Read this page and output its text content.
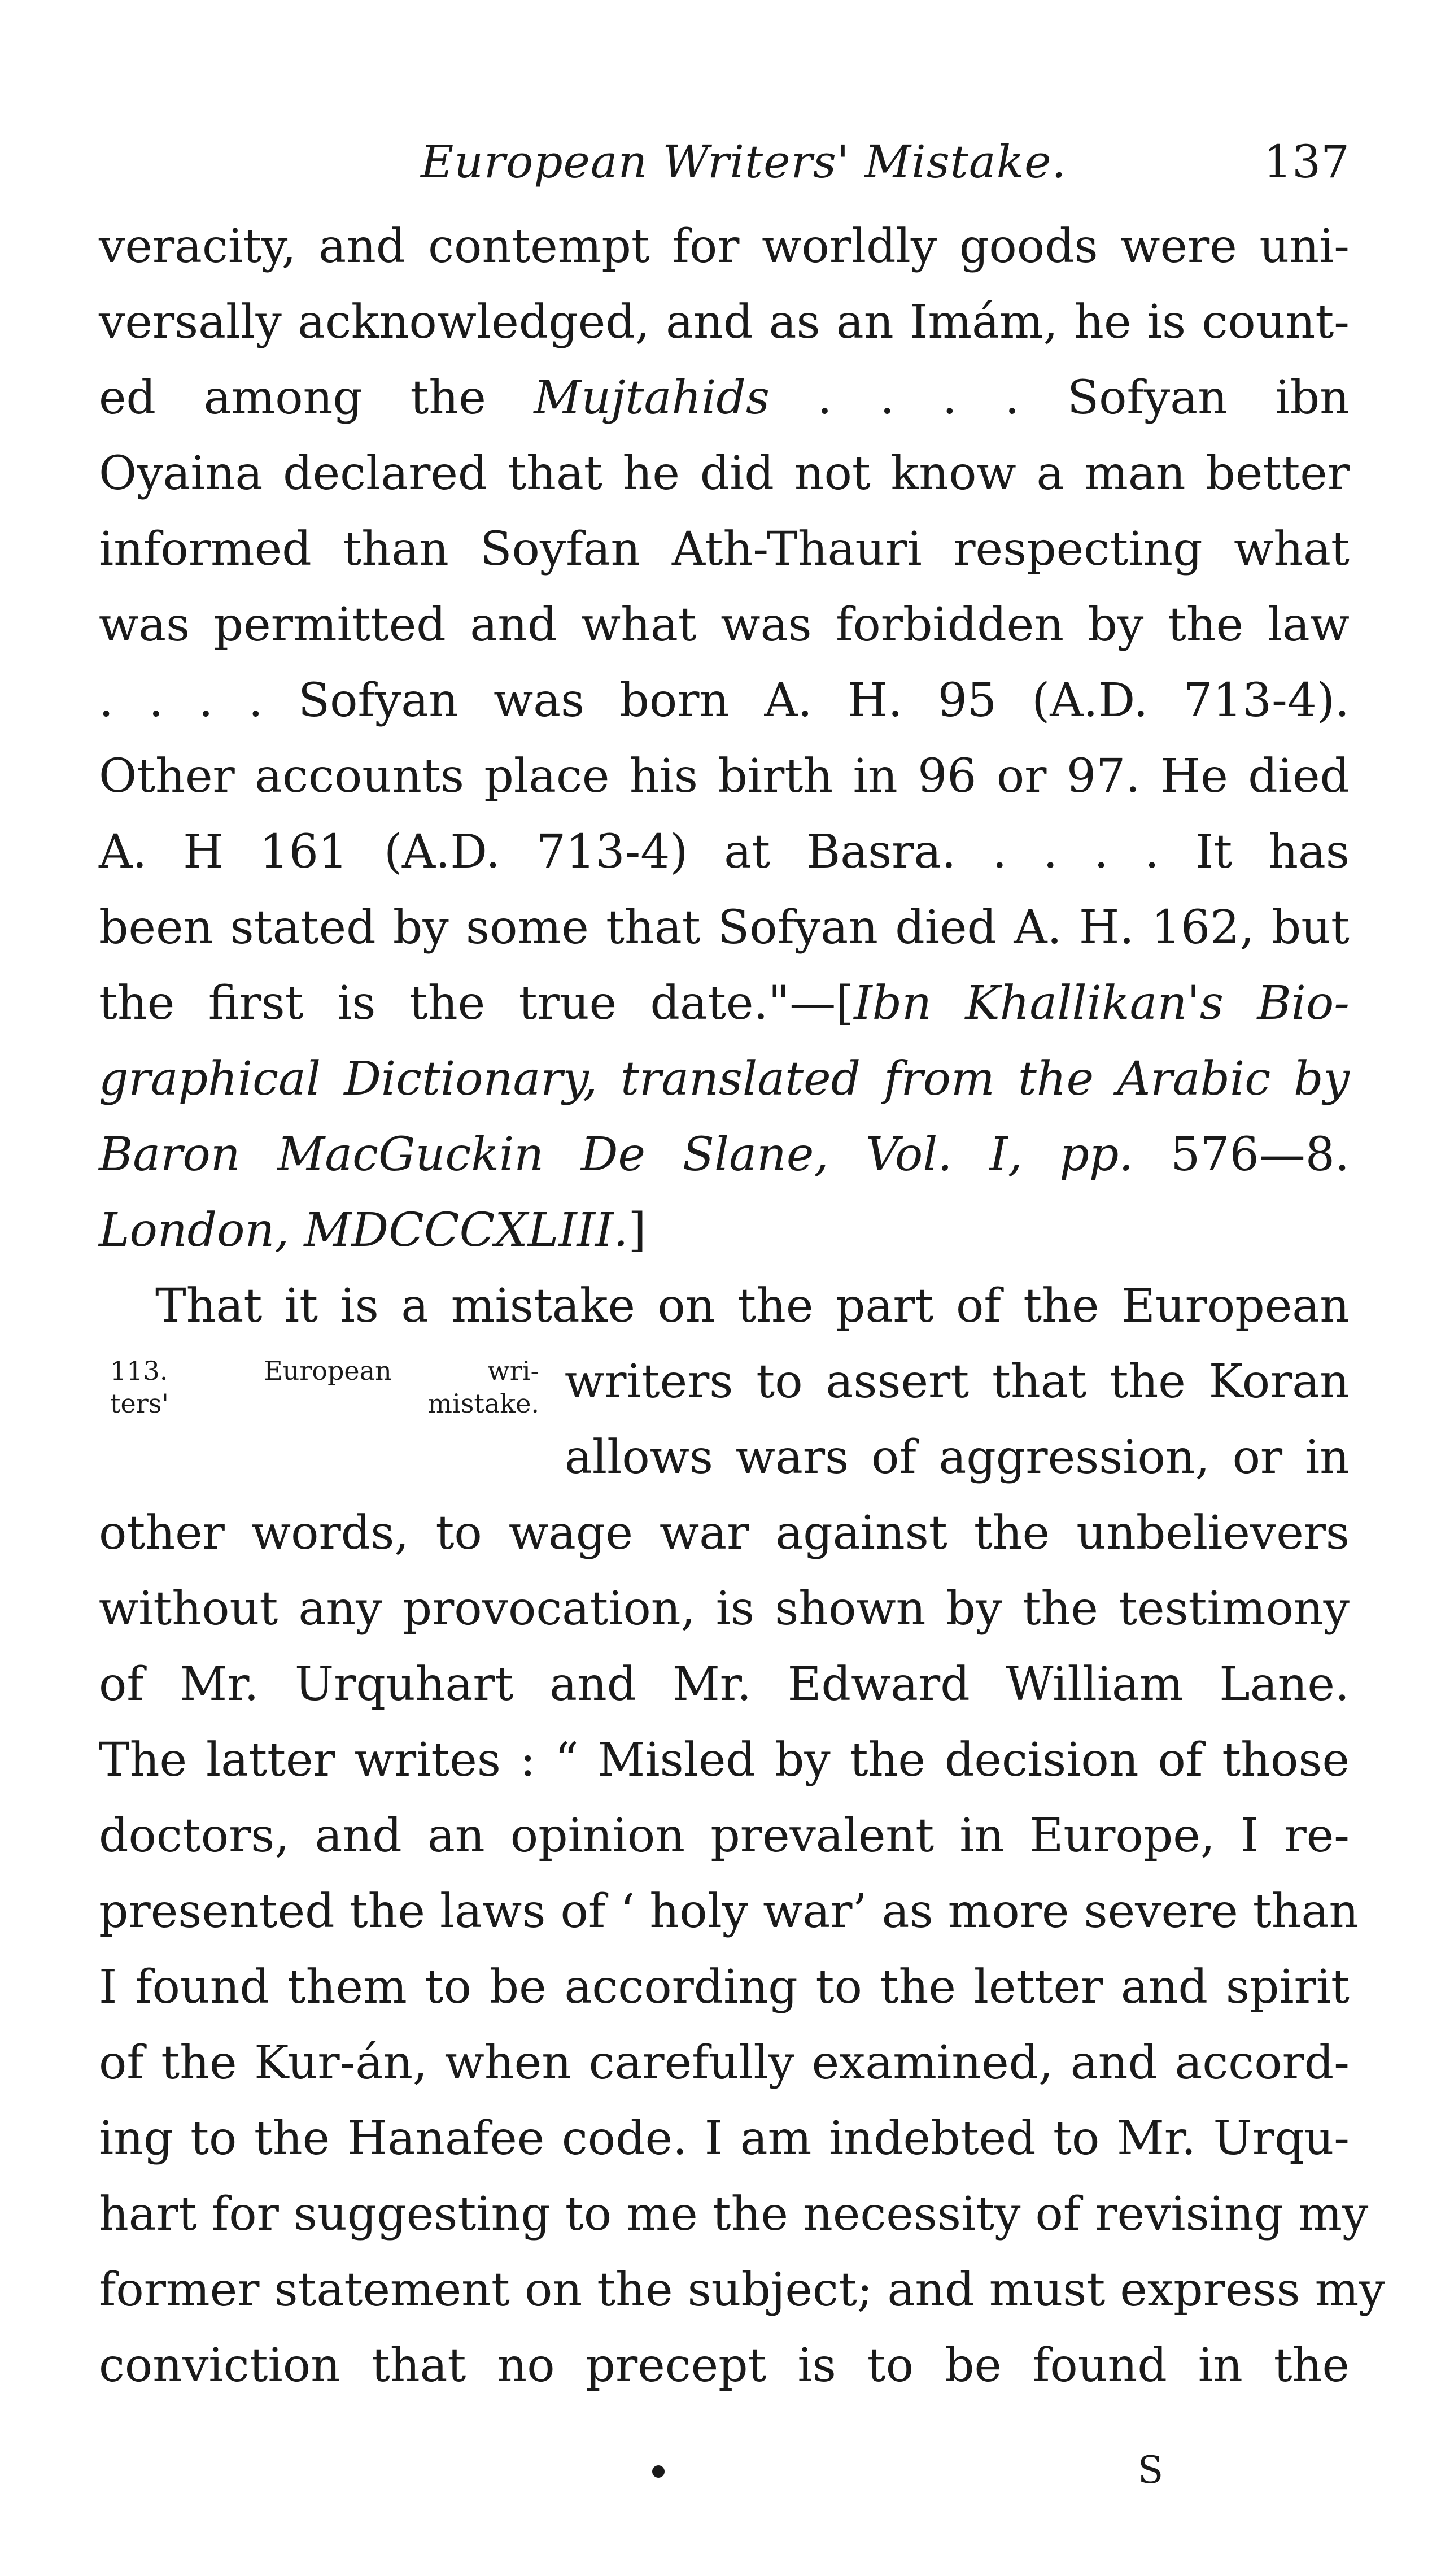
European Writers' Mistake.	137
veracity, and contempt for worldly goods were uni-
versally acknowledged, and as an Imám, he is count-
ed among the Mujtahids . . . . Sofyan ibn
Oyaina declared that he did not know a man better
informed than Soyfan Ath-Thauri respecting what
was permitted and what was forbidden by the law
. . . . Sofyan was born A. H. 95 (A.D. 713-4).
Other accounts place his birth in 96 or 97. He died
A. H 161 (A.D. 713-4) at Basra. . . . . It has
been stated by some that Sofyan died A. H. 162, but
the first is the true date."—[Ibn Khallikan's Bio-
graphical Dictionary, translated from the Arabic by
Baron MacGuckin De Slane, Vol. I, pp. 576—8.
London, MDCCCXLIII.]
That it is a mistake on the part of the European
113. European wri-
ters' mistake. writers to assert that the Koran
allows wars of aggression, or in
other words, to wage war against the unbelievers
without any provocation, is shown by the testimony
of Mr. Urquhart and Mr. Edward William Lane.
The latter writes : “ Misled by the decision of those
doctors, and an opinion prevalent in Europe, I re-
presented the laws of ‘ holy war’ as more severe than
I found them to be according to the letter and spirit
of the Kur-án, when carefully examined, and accord-
ing to the Hanafee code. I am indebted to Mr. Urqu-
hart for suggesting to me the necessity of revising my
former statement on the subject; and must express my
conviction that no precept is to be found in the
S
